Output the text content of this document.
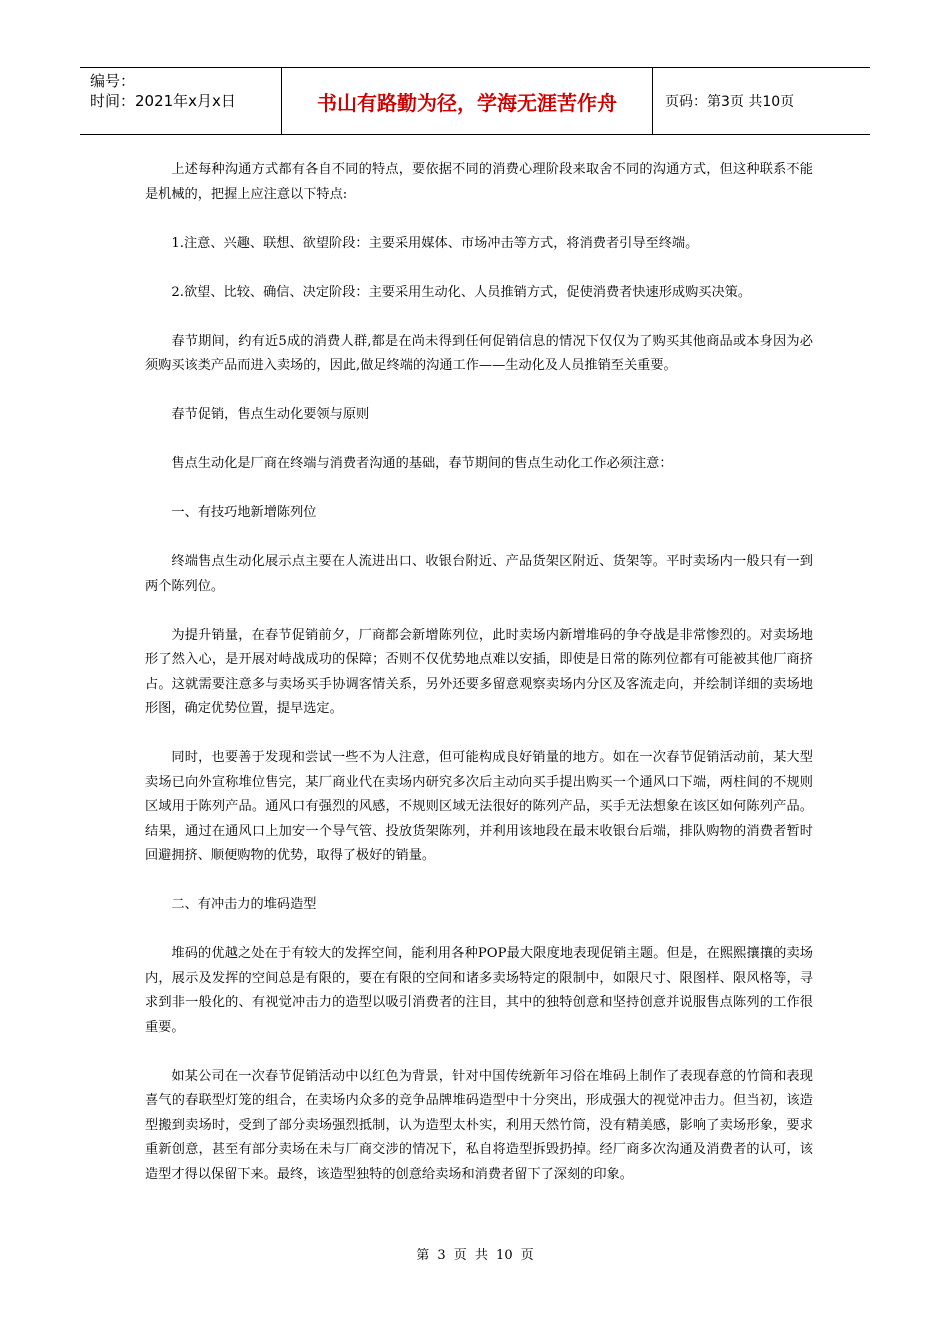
编号：
时间：2021年x月x日	书山有路勤为径，学海无涯苦作舟	页码：第3页 共10页

上述每种沟通方式都有各自不同的特点，要依据不同的消费心理阶段来取舍不同的沟通方式，但这种联系不能是机械的，把握上应注意以下特点:

1.注意、兴趣、联想、欲望阶段：主要采用媒体、市场冲击等方式，将消费者引导至终端。

2.欲望、比较、确信、决定阶段：主要采用生动化、人员推销方式，促使消费者快速形成购买决策。

春节期间，约有近5成的消费人群,都是在尚未得到任何促销信息的情况下仅仅为了购买其他商品或本身因为必须购买该类产品而进入卖场的，因此,做足终端的沟通工作——生动化及人员推销至关重要。

春节促销，售点生动化要领与原则

售点生动化是厂商在终端与消费者沟通的基础，春节期间的售点生动化工作必须注意：

一、有技巧地新增陈列位

终端售点生动化展示点主要在人流进出口、收银台附近、产品货架区附近、货架等。平时卖场内一般只有一到两个陈列位。

为提升销量，在春节促销前夕，厂商都会新增陈列位，此时卖场内新增堆码的争夺战是非常惨烈的。对卖场地形了然入心，是开展对峙战成功的保障；否则不仅优势地点难以安插，即使是日常的陈列位都有可能被其他厂商挤占。这就需要注意多与卖场买手协调客情关系，另外还要多留意观察卖场内分区及客流走向，并绘制详细的卖场地形图，确定优势位置，提早选定。

同时，也要善于发现和尝试一些不为人注意，但可能构成良好销量的地方。如在一次春节促销活动前，某大型卖场已向外宣称堆位售完，某厂商业代在卖场内研究多次后主动向买手提出购买一个通风口下端，两柱间的不规则区域用于陈列产品。通风口有强烈的风感，不规则区域无法很好的陈列产品，买手无法想象在该区如何陈列产品。结果，通过在通风口上加安一个导气管、投放货架陈列，并利用该地段在最末收银台后端，排队购物的消费者暂时回避拥挤、顺便购物的优势，取得了极好的销量。

二、有冲击力的堆码造型

堆码的优越之处在于有较大的发挥空间，能利用各种POP最大限度地表现促销主题。但是，在熙熙攘攘的卖场内，展示及发挥的空间总是有限的，要在有限的空间和诸多卖场特定的限制中，如限尺寸、限图样、限风格等，寻求到非一般化的、有视觉冲击力的造型以吸引消费者的注目，其中的独特创意和坚持创意并说服售点陈列的工作很重要。

如某公司在一次春节促销活动中以红色为背景，针对中国传统新年习俗在堆码上制作了表现春意的竹筒和表现喜气的春联型灯笼的组合，在卖场内众多的竞争品牌堆码造型中十分突出，形成强大的视觉冲击力。但当初，该造型搬到卖场时，受到了部分卖场强烈抵制，认为造型太朴实，利用天然竹筒，没有精美感，影响了卖场形象，要求重新创意，甚至有部分卖场在未与厂商交涉的情况下，私自将造型拆毁扔掉。经厂商多次沟通及消费者的认可，该造型才得以保留下来。最终，该造型独特的创意给卖场和消费者留下了深刻的印象。

第 3 页 共 10 页
